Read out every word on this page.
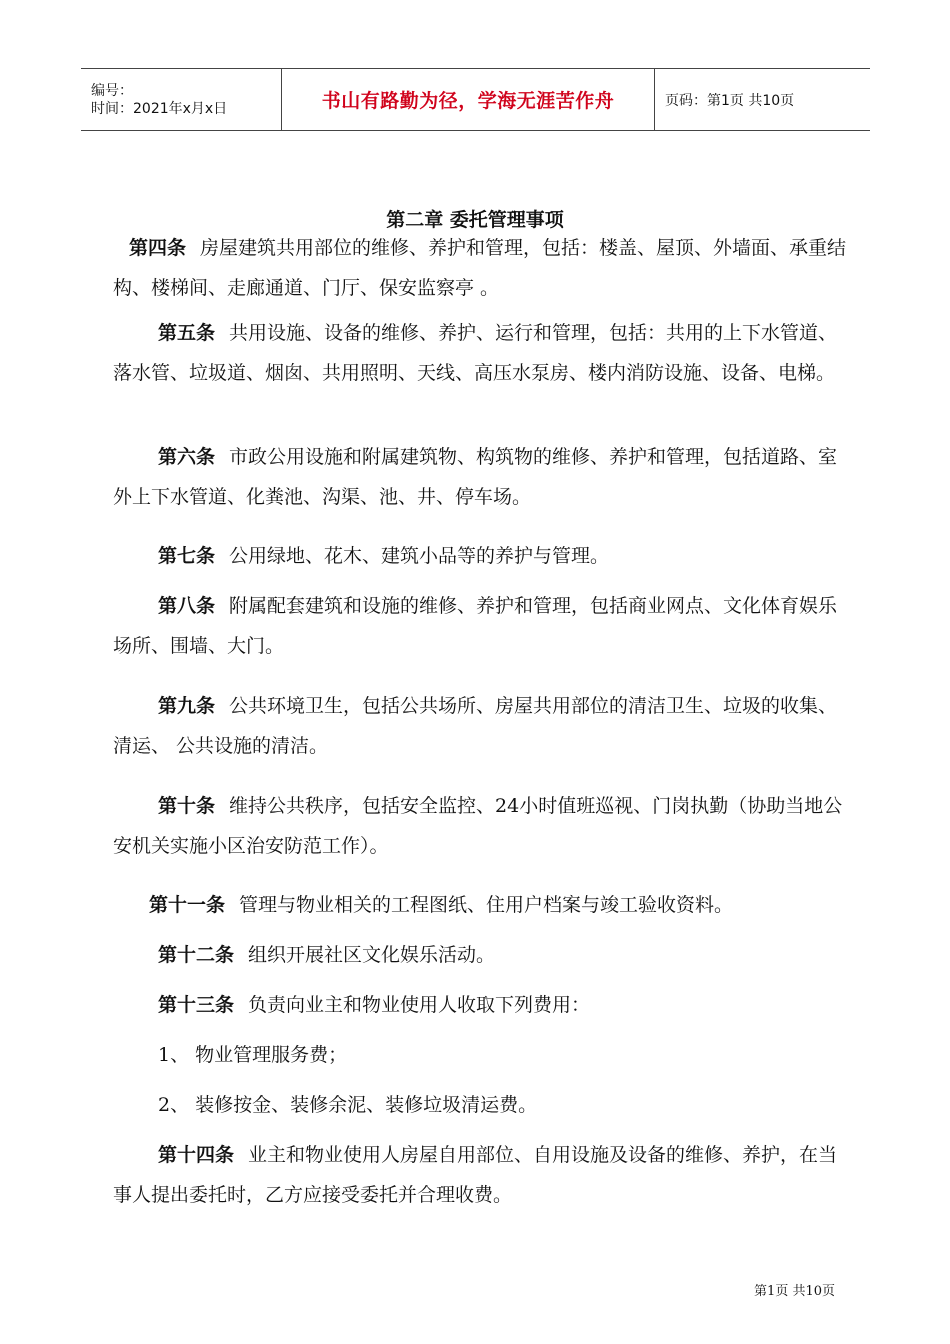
编号：
时间：2021年x月x日	书山有路勤为径，学海无涯苦作舟	页码：第1页 共10页
第二章 委托管理事项
第四条 房屋建筑共用部位的维修、养护和管理，包括：楼盖、屋顶、外墙面、承重结构、楼梯间、走廊通道、门厅、保安监察亭 。
第五条 共用设施、设备的维修、养护、运行和管理，包括：共用的上下水管道、落水管、垃圾道、烟囱、共用照明、天线、高压水泵房、楼内消防设施、设备、电梯。
第六条 市政公用设施和附属建筑物、构筑物的维修、养护和管理，包括道路、室外上下水管道、化粪池、沟渠、池、井、停车场。
第七条 公用绿地、花木、建筑小品等的养护与管理。
第八条 附属配套建筑和设施的维修、养护和管理，包括商业网点、文化体育娱乐场所、围墙、大门。
第九条 公共环境卫生，包括公共场所、房屋共用部位的清洁卫生、垃圾的收集、清运、 公共设施的清洁。
第十条 维持公共秩序，包括安全监控、24小时值班巡视、门岗执勤（协助当地公安机关实施小区治安防范工作）。
第十一条 管理与物业相关的工程图纸、住用户档案与竣工验收资料。
第十二条 组织开展社区文化娱乐活动。
第十三条 负责向业主和物业使用人收取下列费用：
1、 物业管理服务费；
2、 装修按金、装修余泥、装修垃圾清运费。
第十四条 业主和物业使用人房屋自用部位、自用设施及设备的维修、养护，在当事人提出委托时，乙方应接受委托并合理收费。
第1页 共10页
